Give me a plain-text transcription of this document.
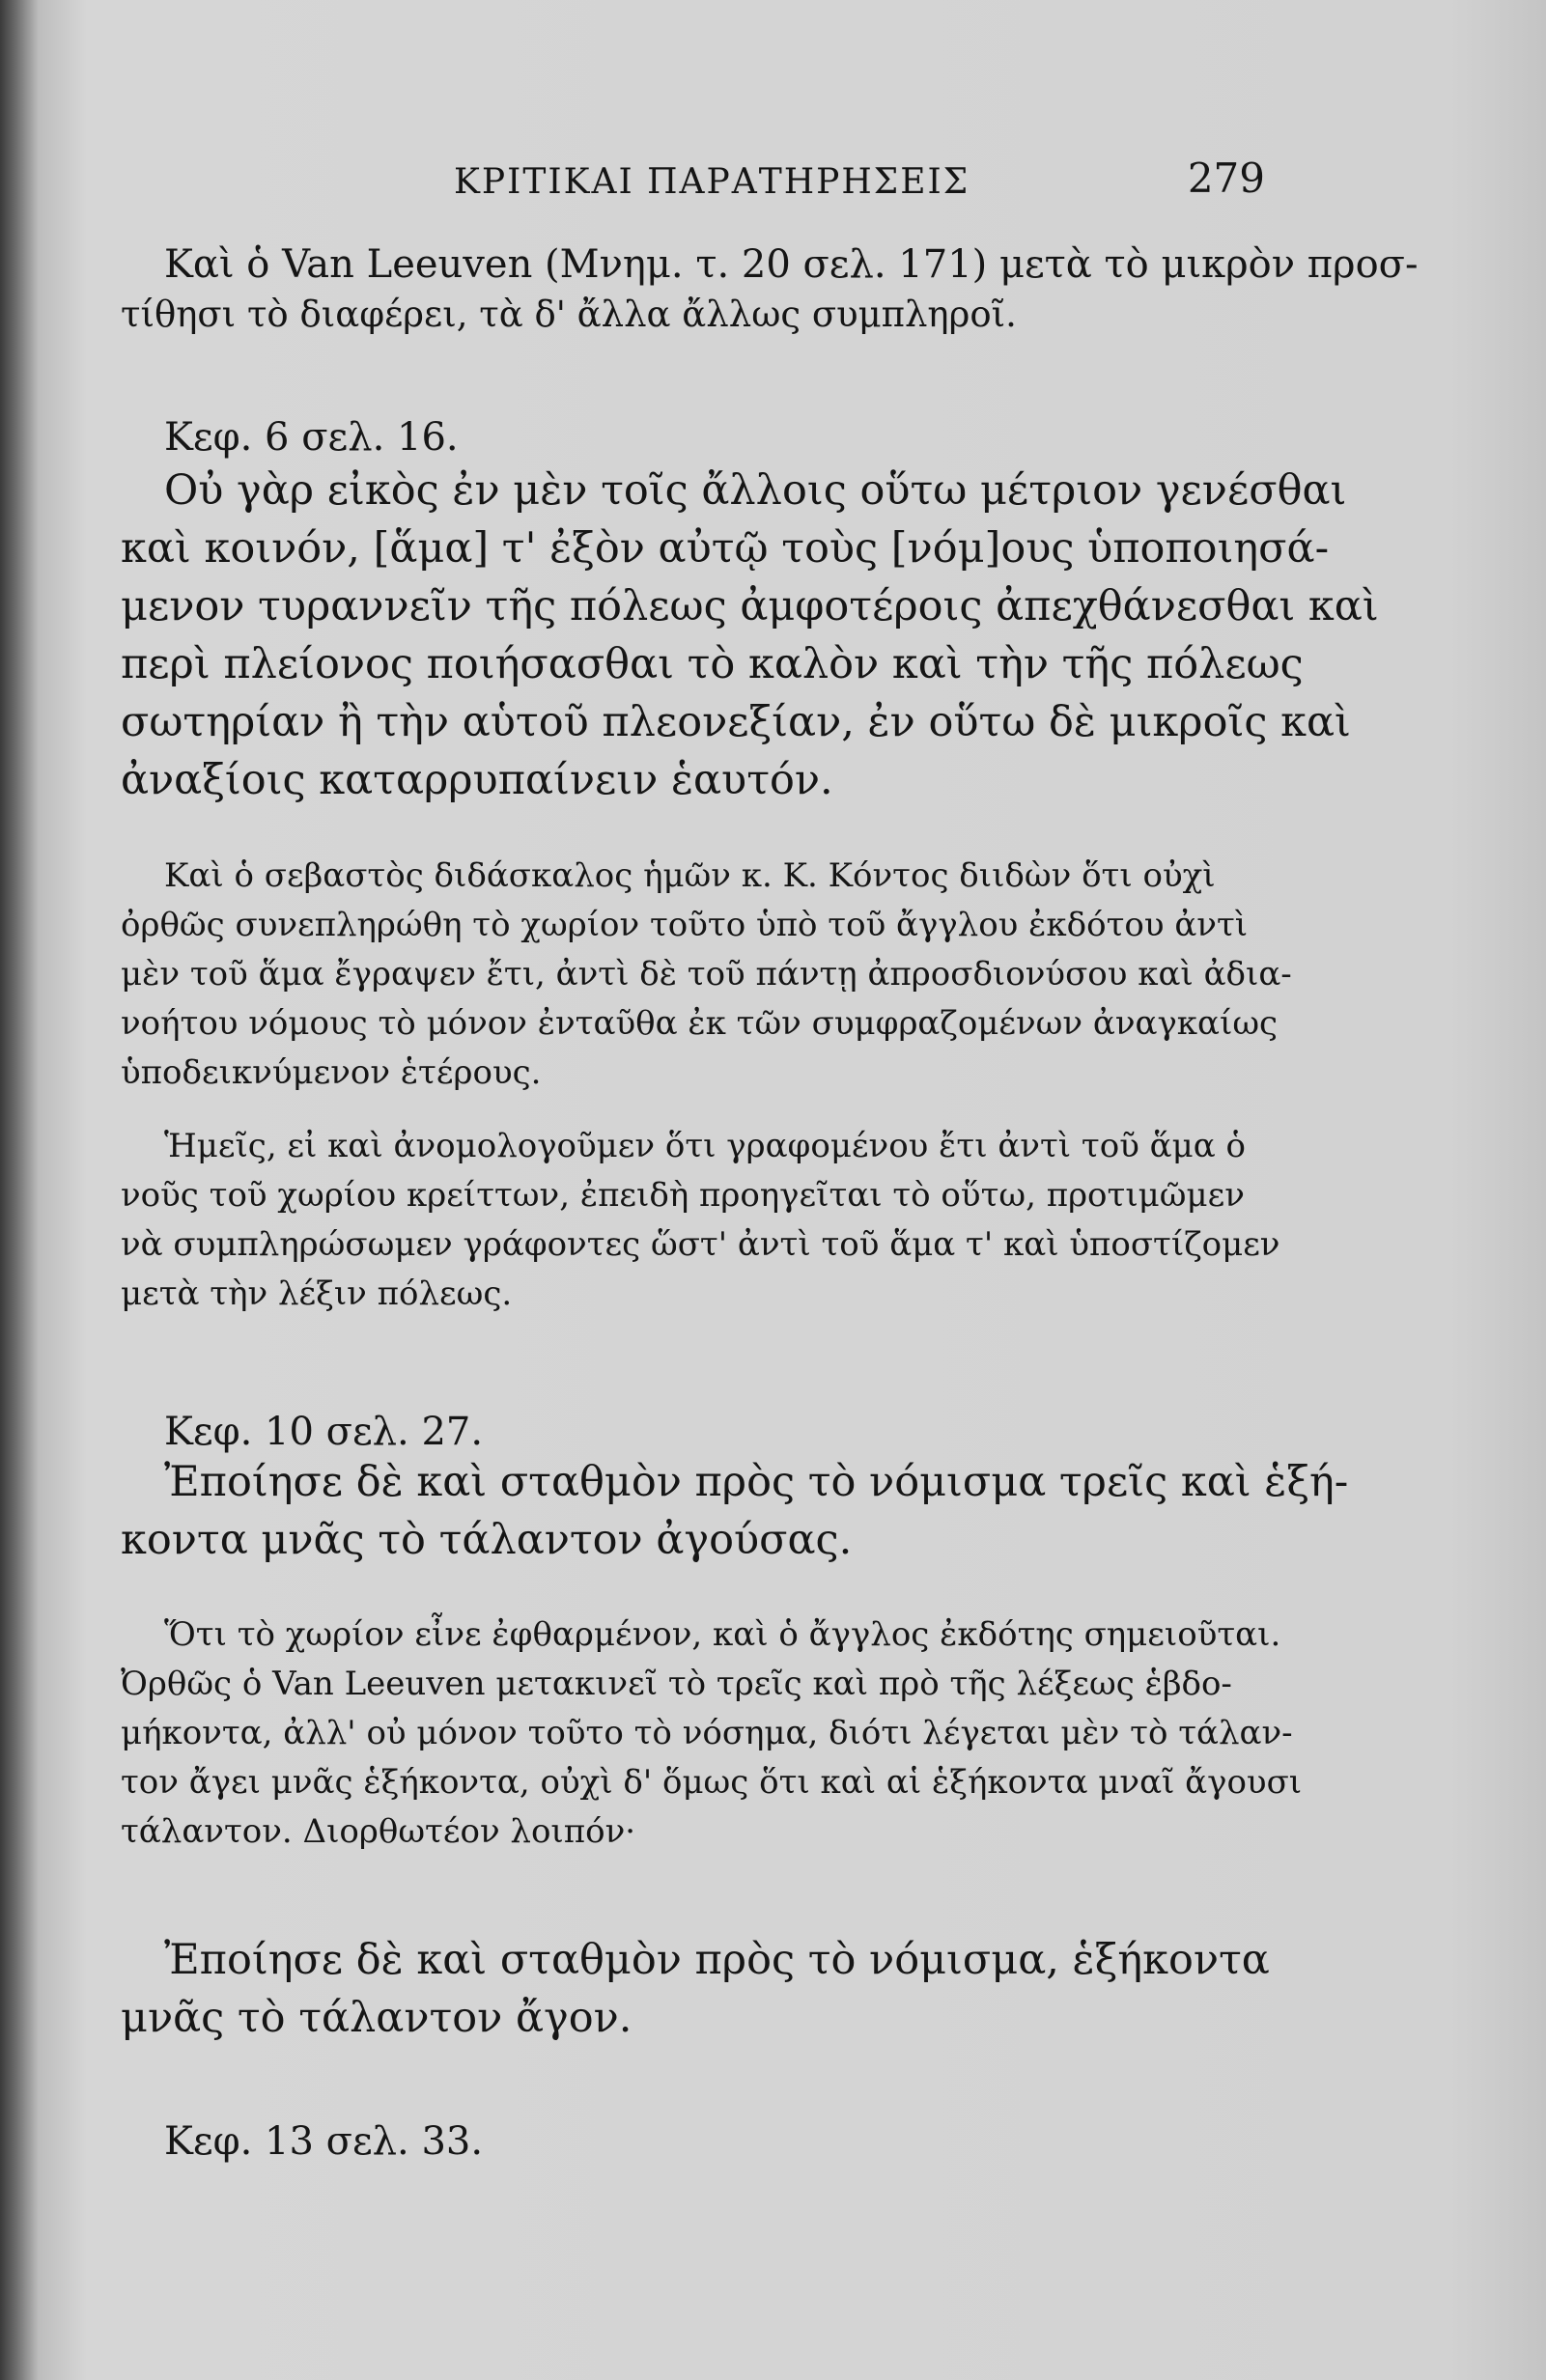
ΚΡΙΤΙΚΑΙ ΠΑΡΑΤΗΡΗΣΕΙΣ	279
Καὶ ὁ Van Leeuven (Μνημ. τ. 20 σελ. 171) μετὰ τὸ μικρὸν προσ-
τίθησι τὸ διαφέρει, τὰ δ' ἄλλα ἄλλως συμπληροῖ.
Κεφ. 6 σελ. 16.
Οὐ γὰρ εἰκὸς ἐν μὲν τοῖς ἄλλοις οὕτω μέτριον γενέσθαι
καὶ κοινόν, [ἅμα] τ' ἐξὸν αὐτῷ τοὺς [νόμ]ους ὑποποιησά-
μενον τυραννεῖν τῆς πόλεως ἀμφοτέροις ἀπεχθάνεσθαι καὶ
περὶ πλείονος ποιήσασθαι τὸ καλὸν καὶ τὴν τῆς πόλεως
σωτηρίαν ἢ τὴν αὑτοῦ πλεονεξίαν, ἐν οὕτω δὲ μικροῖς καὶ
ἀναξίοις καταρρυπαίνειν ἑαυτόν.
Καὶ ὁ σεβαστὸς διδάσκαλος ἡμῶν κ. Κ. Κόντος διιδὼν ὅτι οὐχὶ
ὀρθῶς συνεπληρώθη τὸ χωρίον τοῦτο ὑπὸ τοῦ ἄγγλου ἐκδότου ἀντὶ
μὲν τοῦ ἅμα ἔγραψεν ἔτι, ἀντὶ δὲ τοῦ πάντῃ ἀπροσδιονύσου καὶ ἀδια-
νοήτου νόμους τὸ μόνον ἐνταῦθα ἐκ τῶν συμφραζομένων ἀναγκαίως
ὑποδεικνύμενον ἑτέρους.
Ἡμεῖς, εἰ καὶ ἀνομολογοῦμεν ὅτι γραφομένου ἔτι ἀντὶ τοῦ ἅμα ὁ
νοῦς τοῦ χωρίου κρείττων, ἐπειδὴ προηγεῖται τὸ οὕτω, προτιμῶμεν
νὰ συμπληρώσωμεν γράφοντες ὥστ' ἀντὶ τοῦ ἅμα τ' καὶ ὑποστίζομεν
μετὰ τὴν λέξιν πόλεως.
Κεφ. 10 σελ. 27.
Ἐποίησε δὲ καὶ σταθμὸν πρὸς τὸ νόμισμα τρεῖς καὶ ἑξή-
κοντα μνᾶς τὸ τάλαντον ἀγούσας.
Ὅτι τὸ χωρίον εἶνε ἐφθαρμένον, καὶ ὁ ἄγγλος ἐκδότης σημειοῦται.
Ὀρθῶς ὁ Van Leeuven μετακινεῖ τὸ τρεῖς καὶ πρὸ τῆς λέξεως ἑβδο-
μήκοντα, ἀλλ' οὐ μόνον τοῦτο τὸ νόσημα, διότι λέγεται μὲν τὸ τάλαν-
τον ἄγει μνᾶς ἑξήκοντα, οὐχὶ δ' ὅμως ὅτι καὶ αἱ ἑξήκοντα μναῖ ἄγουσι
τάλαντον. Διορθωτέον λοιπόν·
Ἐποίησε δὲ καὶ σταθμὸν πρὸς τὸ νόμισμα, ἑξήκοντα
μνᾶς τὸ τάλαντον ἄγον.
Κεφ. 13 σελ. 33.
